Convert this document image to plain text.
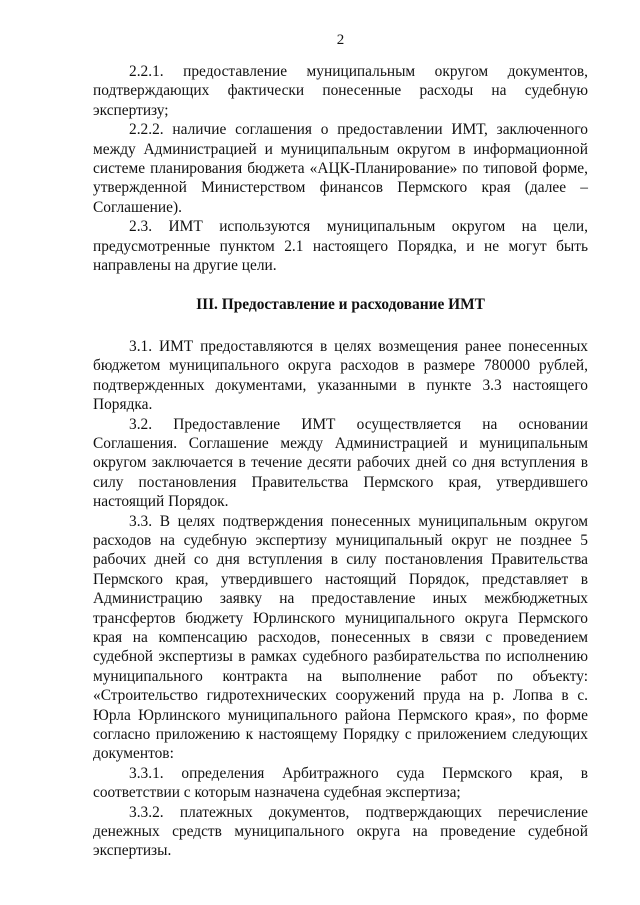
2

2.2.1. предоставление муниципальным округом документов, подтверждающих фактически понесенные расходы на судебную экспертизу;

2.2.2. наличие соглашения о предоставлении ИМТ, заключенного между Администрацией и муниципальным округом в информационной системе планирования бюджета «АЦК-Планирование» по типовой форме, утвержденной Министерством финансов Пермского края (далее – Соглашение).

2.3. ИМТ используются муниципальным округом на цели, предусмотренные пунктом 2.1 настоящего Порядка, и не могут быть направлены на другие цели.

III. Предоставление и расходование ИМТ

3.1. ИМТ предоставляются в целях возмещения ранее понесенных бюджетом муниципального округа расходов в размере 780000 рублей, подтвержденных документами, указанными в пункте 3.3 настоящего Порядка.

3.2. Предоставление ИМТ осуществляется на основании Соглашения. Соглашение между Администрацией и муниципальным округом заключается в течение десяти рабочих дней со дня вступления в силу постановления Правительства Пермского края, утвердившего настоящий Порядок.

3.3. В целях подтверждения понесенных муниципальным округом расходов на судебную экспертизу муниципальный округ не позднее 5 рабочих дней со дня вступления в силу постановления Правительства Пермского края, утвердившего настоящий Порядок, представляет в Администрацию заявку на предоставление иных межбюджетных трансфертов бюджету Юрлинского муниципального округа Пермского края на компенсацию расходов, понесенных в связи с проведением судебной экспертизы в рамках судебного разбирательства по исполнению муниципального контракта на выполнение работ по объекту: «Строительство гидротехнических сооружений пруда на р. Лопва в с. Юрла Юрлинского муниципального района Пермского края», по форме согласно приложению к настоящему Порядку с приложением следующих документов:

3.3.1. определения Арбитражного суда Пермского края, в соответствии с которым назначена судебная экспертиза;

3.3.2. платежных документов, подтверждающих перечисление денежных средств муниципального округа на проведение судебной экспертизы.
